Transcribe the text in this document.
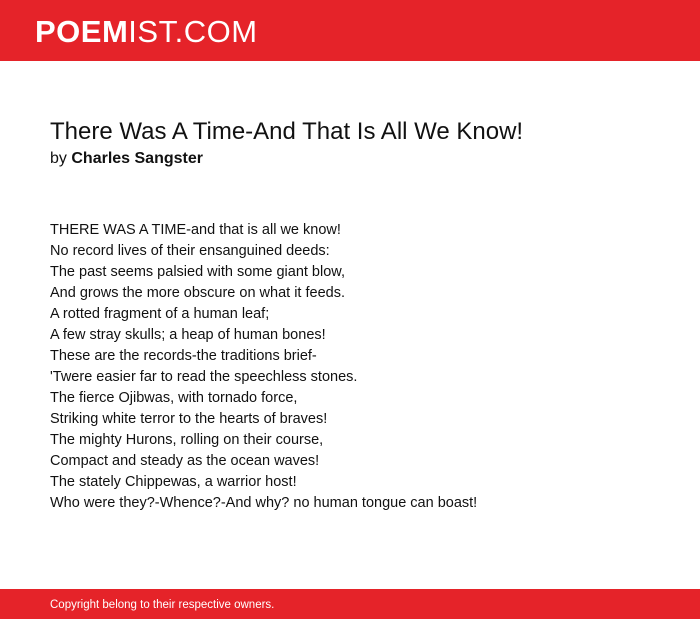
POEMIST.COM
There Was A Time-And That Is All We Know!
by Charles Sangster
THERE WAS A TIME-and that is all we know!
No record lives of their ensanguined deeds:
The past seems palsied with some giant blow,
And grows the more obscure on what it feeds.
A rotted fragment of a human leaf;
A few stray skulls; a heap of human bones!
These are the records-the traditions brief-
'Twere easier far to read the speechless stones.
The fierce Ojibwas, with tornado force,
Striking white terror to the hearts of braves!
The mighty Hurons, rolling on their course,
Compact and steady as the ocean waves!
The stately Chippewas, a warrior host!
Who were they?-Whence?-And why? no human tongue can boast!
Copyright belong to their respective owners.
